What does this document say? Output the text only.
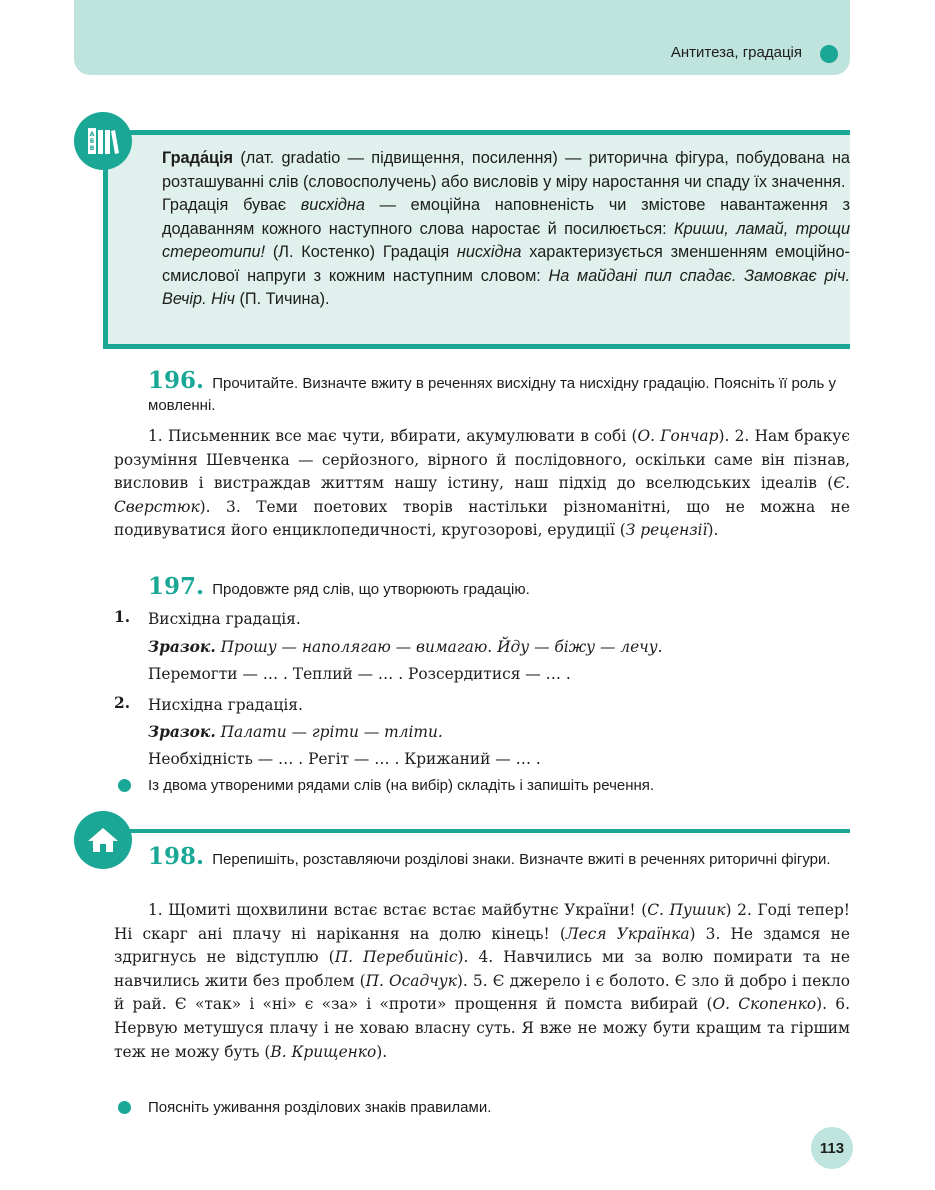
Антитеза, градація
А
Б
В

Града́ція (лат. gradatio — підвищення, посилення) — риторична фігура, побудована на розташуванні слів (словосполучень) або висловів у міру наростання чи спаду їх значення.

Градація буває висхідна — емоційна наповненість чи змістове навантаження з додаванням кожного наступного слова наростає й посилюється: Криши, ламай, трощи стереотипи! (Л. Костенко) Градація нисхідна характеризується зменшенням емоційно-смислової напруги з кожним наступним словом: На майдані пил спадає. Замовкає річ. Вечір. Ніч (П. Тичина).

196. Прочитайте. Визначте вжиту в реченнях висхідну та нисхідну градацію. Поясніть її роль у мовленні.
1. Письменник все має чути, вбирати, акумулювати в собі (О. Гончар). 2. Нам бракує розуміння Шевченка — серйозного, вірного й послідовного, оскільки саме він пізнав, висловив і вистраждав життям нашу істину, наш підхід до вселюдських ідеалів (Є. Сверстюк). 3. Теми поетових творів настільки різноманітні, що не можна не подивуватися його енциклопедичності, кругозорові, ерудиції (З рецензії).
197. Продовжте ряд слів, що утворюють градацію.
1. Висхідна градація.
Зразок. Прошу — наполягаю — вимагаю. Йду — біжу — лечу.
Перемогти — … . Теплий — … . Розсердитися — … .
2. Нисхідна градація.
Зразок. Палати — гріти — тліти.
Необхідність — … . Регіт — … . Крижаний — … .
Із двома утвореними рядами слів (на вибір) складіть і запишіть речення.
198. Перепишіть, розставляючи розділові знаки. Визначте вжиті в реченнях риторичні фігури.
1. Щомиті щохвилини встає встає встає майбутнє України! (С. Пушик) 2. Годі тепер! Ні скарг ані плачу ні нарікання на долю кінець! (Леся Українка) 3. Не здамся не здригнусь не відступлю (П. Перебийніс). 4. Навчились ми за волю помирати та не навчились жити без проблем (П. Осадчук). 5. Є джерело і є болото. Є зло й добро і пекло й рай. Є «так» і «ні» є «за» і «проти» прощення й помста вибирай (О. Скопенко). 6. Нервую метушуся плачу і не ховаю власну суть. Я вже не можу бути кращим та гіршим теж не можу буть (В. Крищенко).
Поясніть уживання розділових знаків правилами.
113
